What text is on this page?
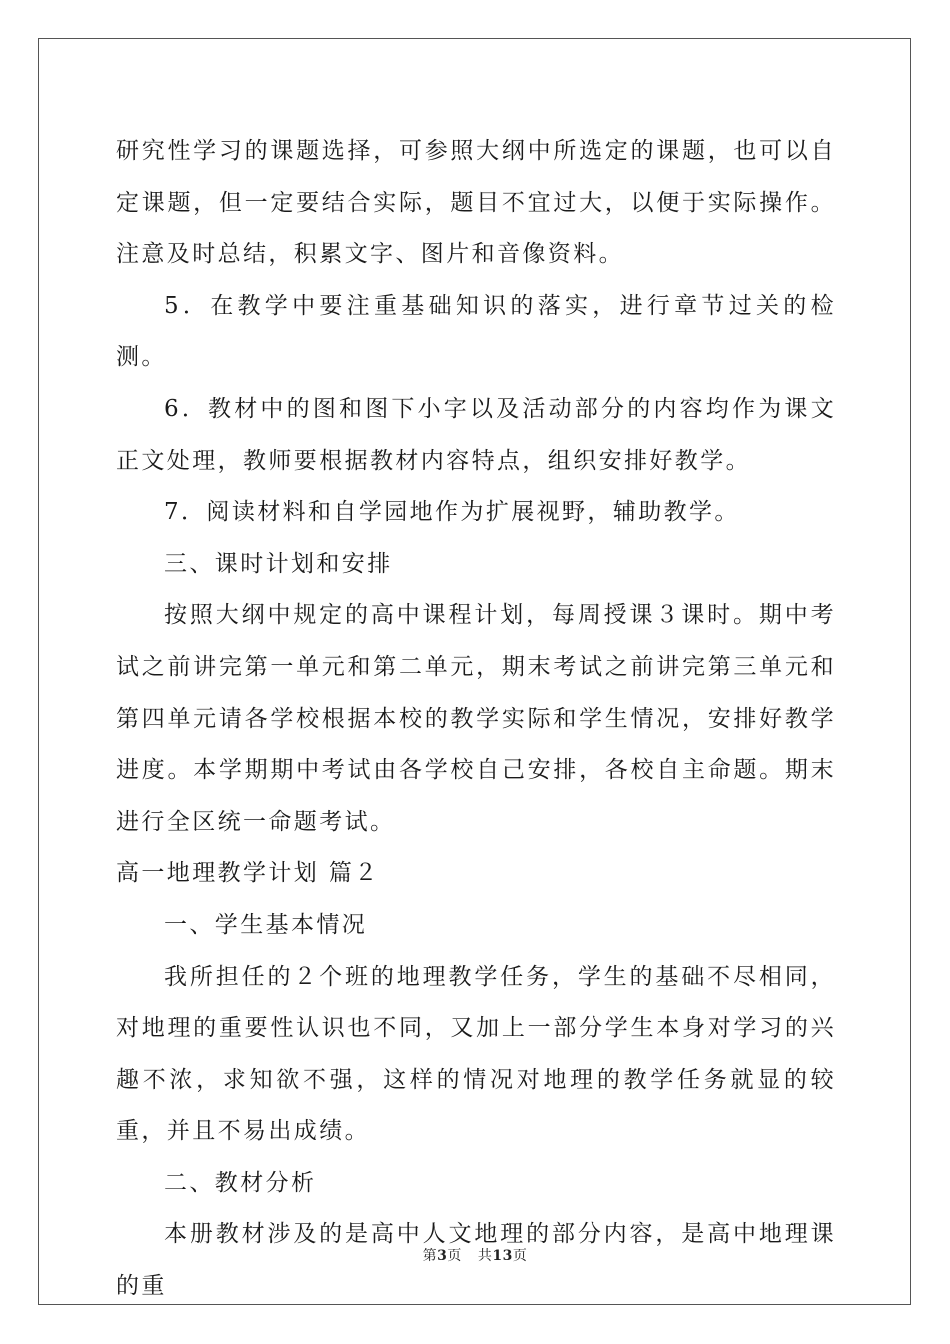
研究性学习的课题选择，可参照大纲中所选定的课题，也可以自定课题，但一定要结合实际，题目不宜过大，以便于实际操作。注意及时总结，积累文字、图片和音像资料。

5．在教学中要注重基础知识的落实，进行章节过关的检测。

6．教材中的图和图下小字以及活动部分的内容均作为课文正文处理，教师要根据教材内容特点，组织安排好教学。

7．阅读材料和自学园地作为扩展视野，辅助教学。

三、课时计划和安排

按照大纲中规定的高中课程计划，每周授课３课时。期中考试之前讲完第一单元和第二单元，期末考试之前讲完第三单元和第四单元请各学校根据本校的教学实际和学生情况，安排好教学进度。本学期期中考试由各学校自己安排，各校自主命题。期末进行全区统一命题考试。

高一地理教学计划 篇２

一、学生基本情况

我所担任的２个班的地理教学任务，学生的基础不尽相同，对地理的重要性认识也不同，又加上一部分学生本身对学习的兴趣不浓，求知欲不强，这样的情况对地理的教学任务就显的较重，并且不易出成绩。

二、教材分析

本册教材涉及的是高中人文地理的部分内容，是高中地理课的重

第3页 共13页
